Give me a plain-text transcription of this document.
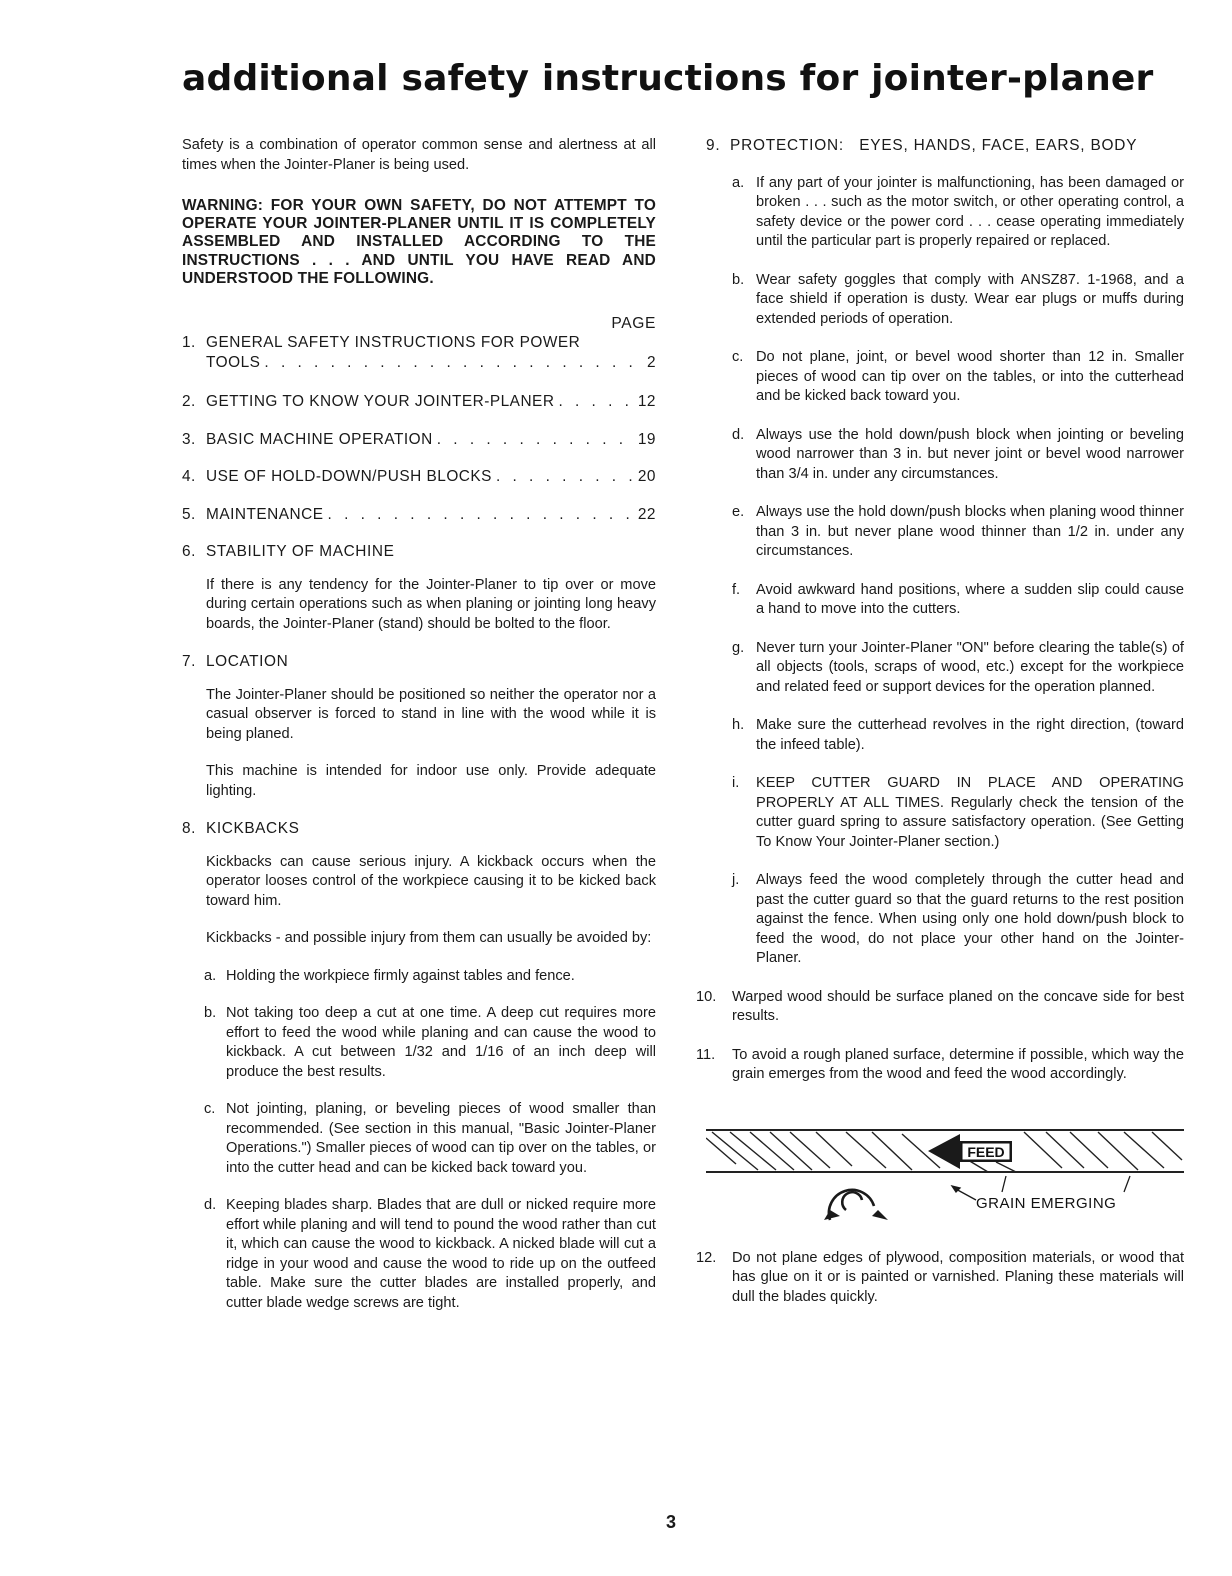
additional safety instructions for jointer-planer

Safety is a combination of operator common sense and alertness at all times when the Jointer-Planer is being used.

WARNING: FOR YOUR OWN SAFETY, DO NOT ATTEMPT TO OPERATE YOUR JOINTER-PLANER UNTIL IT IS COMPLETELY ASSEMBLED AND INSTALLED ACCORDING TO THE INSTRUCTIONS . . . AND UNTIL YOU HAVE READ AND UNDERSTOOD THE FOLLOWING.

PAGE
1. GENERAL SAFETY INSTRUCTIONS FOR POWER
TOOLS . . .	2
2. GETTING TO KNOW YOUR JOINTER-PLANER . . .	12
3. BASIC MACHINE OPERATION . . .	19
4. USE OF HOLD-DOWN/PUSH BLOCKS . . .	20
5. MAINTENANCE . . .	22
6. STABILITY OF MACHINE

If there is any tendency for the Jointer-Planer to tip over or move during certain operations such as when planing or jointing long heavy boards, the Jointer-Planer (stand) should be bolted to the floor.

7. LOCATION

The Jointer-Planer should be positioned so neither the operator nor a casual observer is forced to stand in line with the wood while it is being planed.

This machine is intended for indoor use only. Provide adequate lighting.

8. KICKBACKS

Kickbacks can cause serious injury. A kickback occurs when the operator looses control of the workpiece causing it to be kicked back toward him.

Kickbacks - and possible injury from them can usually be avoided by:

a. Holding the workpiece firmly against tables and fence.

b. Not taking too deep a cut at one time. A deep cut requires more effort to feed the wood while planing and can cause the wood to kickback. A cut between 1/32 and 1/16 of an inch deep will produce the best results.

c. Not jointing, planing, or beveling pieces of wood smaller than recommended. (See section in this manual, "Basic Jointer-Planer Operations.") Smaller pieces of wood can tip over on the tables, or into the cutter head and can be kicked back toward you.

d. Keeping blades sharp. Blades that are dull or nicked require more effort while planing and will tend to pound the wood rather than cut it, which can cause the wood to kickback. A nicked blade will cut a ridge in your wood and cause the wood to ride up on the outfeed table. Make sure the cutter blades are installed properly, and cutter blade wedge screws are tight.

9. PROTECTION:   EYES, HANDS, FACE, EARS, BODY
a. If any part of your jointer is malfunctioning, has been damaged or broken . . . such as the motor switch, or other operating control, a safety device or the power cord . . . cease operating immediately until the particular part is properly repaired or replaced.

b. Wear safety goggles that comply with ANSZ87. 1-1968, and a face shield if operation is dusty. Wear ear plugs or muffs during extended periods of operation.

c. Do not plane, joint, or bevel wood shorter than 12 in. Smaller pieces of wood can tip over on the tables, or into the cutterhead and be kicked back toward you.

d. Always use the hold down/push block when jointing or beveling wood narrower than 3 in. but never joint or bevel wood narrower than 3/4 in. under any circumstances.

e. Always use the hold down/push blocks when planing wood thinner than 3 in. but never plane wood thinner than 1/2 in. under any circumstances.

f. Avoid awkward hand positions, where a sudden slip could cause a hand to move into the cutters.

g. Never turn your Jointer-Planer "ON" before clearing the table(s) of all objects (tools, scraps of wood, etc.) except for the workpiece and related feed or support devices for the operation planned.

h. Make sure the cutterhead revolves in the right direction, (toward the infeed table).

i. KEEP CUTTER GUARD IN PLACE AND OPERATING PROPERLY AT ALL TIMES. Regularly check the tension of the cutter guard spring to assure satisfactory operation. (See Getting To Know Your Jointer-Planer section.)

j. Always feed the wood completely through the cutter head and past the cutter guard so that the guard returns to the rest position against the fence. When using only one hold down/push block to feed the wood, do not place your other hand on the Jointer-Planer.

10. Warped wood should be surface planed on the concave side for best results.

11. To avoid a rough planed surface, determine if possible, which way the grain emerges from the wood and feed the wood accordingly.

FEED
GRAIN EMERGING
12. Do not plane edges of plywood, composition materials, or wood that has glue on it or is painted or varnished. Planing these materials will dull the blades quickly.

3
